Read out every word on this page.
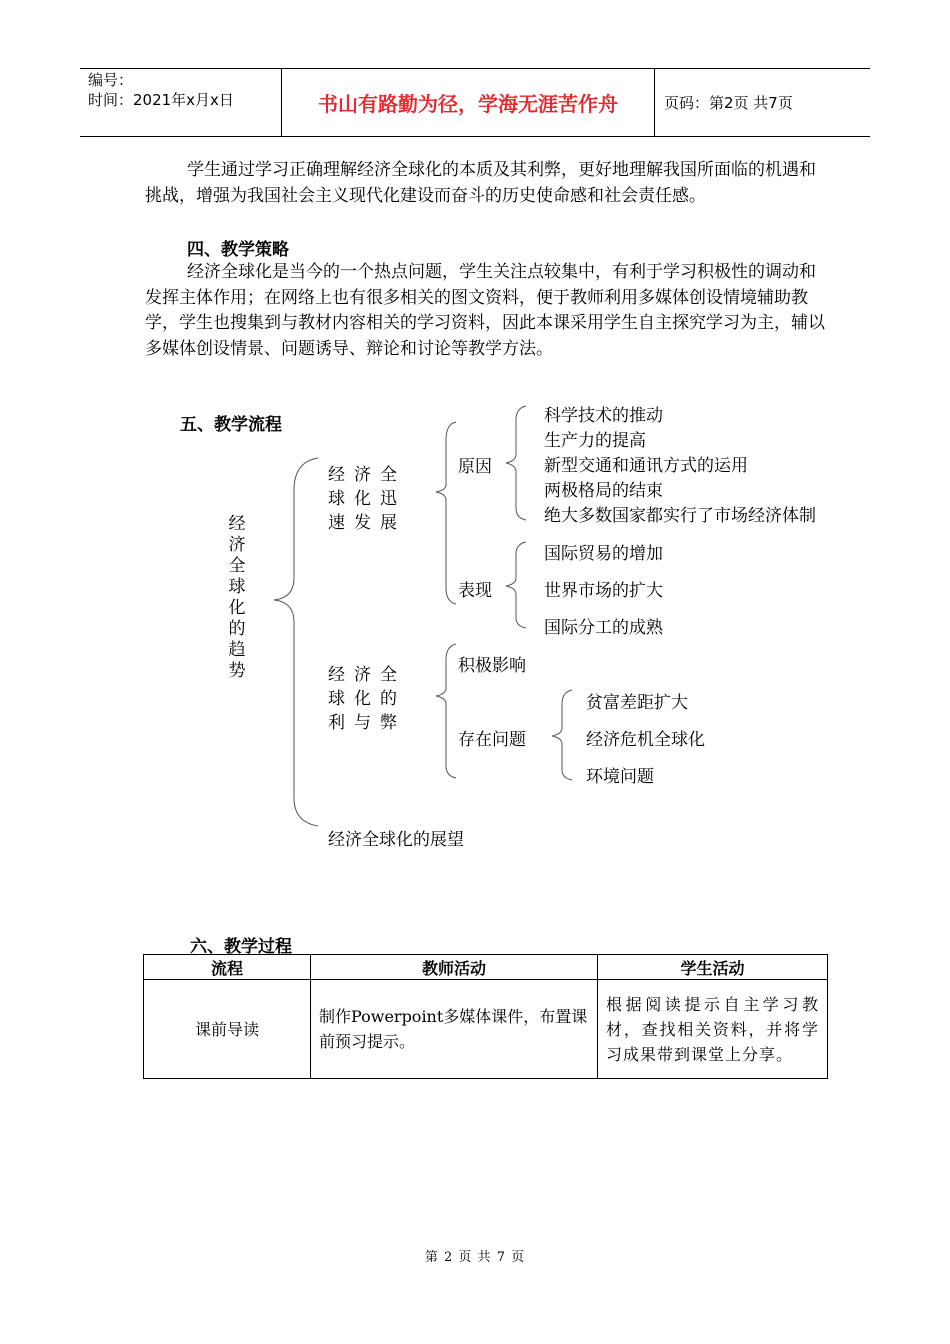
编号：
时间：2021年x月x日	书山有路勤为径，学海无涯苦作舟	页码：第2页 共7页

学生通过学习正确理解经济全球化的本质及其利弊，更好地理解我国所面临的机遇和挑战，增强为我国社会主义现代化建设而奋斗的历史使命感和社会责任感。

四、教学策略

经济全球化是当今的一个热点问题，学生关注点较集中，有利于学习积极性的调动和发挥主体作用；在网络上也有很多相关的图文资料，便于教师利用多媒体创设情境辅助教学，学生也搜集到与教材内容相关的学习资料，因此本课采用学生自主探究学习为主，辅以多媒体创设情景、问题诱导、辩论和讨论等教学方法。

五、教学流程
经济全球化的趋势
经济全球化迅速发展
原因
科学技术的推动
生产力的提高
新型交通和通讯方式的运用
两极格局的结束
绝大多数国家都实行了市场经济体制
表现
国际贸易的增加
世界市场的扩大
国际分工的成熟
经济全球化的利与弊
积极影响
存在问题
贫富差距扩大
经济危机全球化
环境问题
经济全球化的展望
六、教学过程
流程	教师活动	学生活动
课前导读	制作Powerpoint多媒体课件，布置课前预习提示。	根据阅读提示自主学习教材，查找相关资料，并将学习成果带到课堂上分享。
第 2 页 共 7 页
